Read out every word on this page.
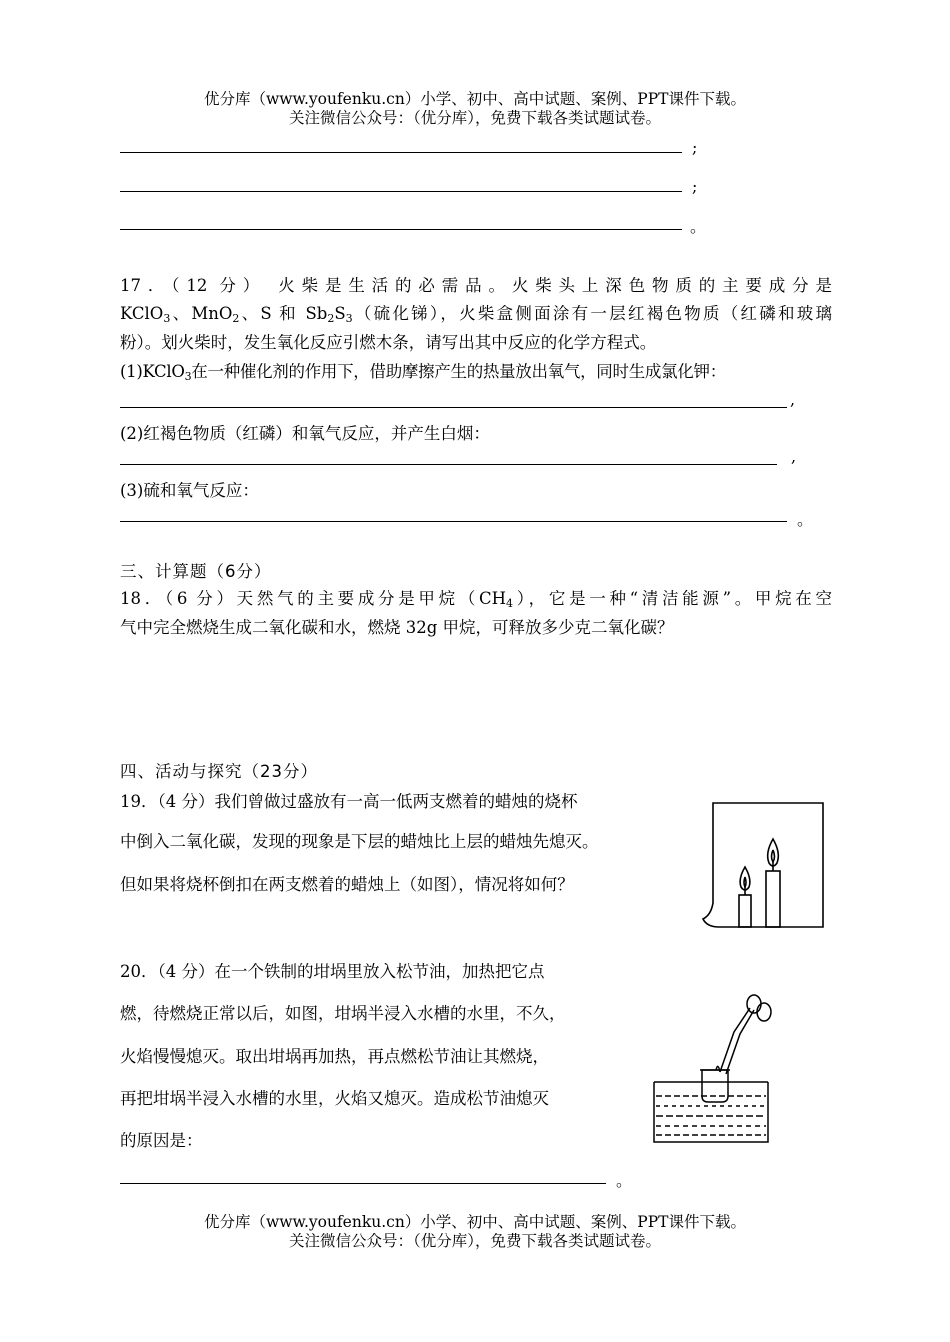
优分库（www.youfenku.cn）小学、初中、高中试题、案例、PPT课件下载。
关注微信公众号：（优分库），免费下载各类试题试卷。
;
;
。
17．（12 分） 火柴是生活的必需品。火柴头上深色物质的主要成分是
KClO$_3$、MnO$_2$、S 和 $Sb_2S_3$（硫化锑），火柴盒侧面涂有一层红褐色物质（红磷和玻璃
粉）。划火柴时，发生氧化反应引燃木条，请写出其中反应的化学方程式。
(1)KClO$_3$在一种催化剂的作用下，借助摩擦产生的热量放出氧气，同时生成氯化钾：
,
(2)红褐色物质（红磷）和氧气反应，并产生白烟：
,
(3)硫和氧气反应：
。
三、计算题（6分）
18．（6 分）天然气的主要成分是甲烷$(CH_4)$，它是一种“清洁能源”。甲烷在空
气中完全燃烧生成二氧化碳和水，燃烧 32g 甲烷，可释放多少克二氧化碳？
四、活动与探究（23分）
19．（4 分）我们曾做过盛放有一高一低两支燃着的蜡烛的烧杯
中倒入二氧化碳，发现的现象是下层的蜡烛比上层的蜡烛先熄灭。
但如果将烧杯倒扣在两支燃着的蜡烛上（如图），情况将如何？
20．（4 分）在一个铁制的坩埚里放入松节油，加热把它点
燃，待燃烧正常以后，如图，坩埚半浸入水槽的水里，不久，
火焰慢慢熄灭。取出坩埚再加热，再点燃松节油让其燃烧，
再把坩埚半浸入水槽的水里，火焰又熄灭。造成松节油熄灭
的原因是：
。
优分库（www.youfenku.cn）小学、初中、高中试题、案例、PPT课件下载。
关注微信公众号：（优分库），免费下载各类试题试卷。
